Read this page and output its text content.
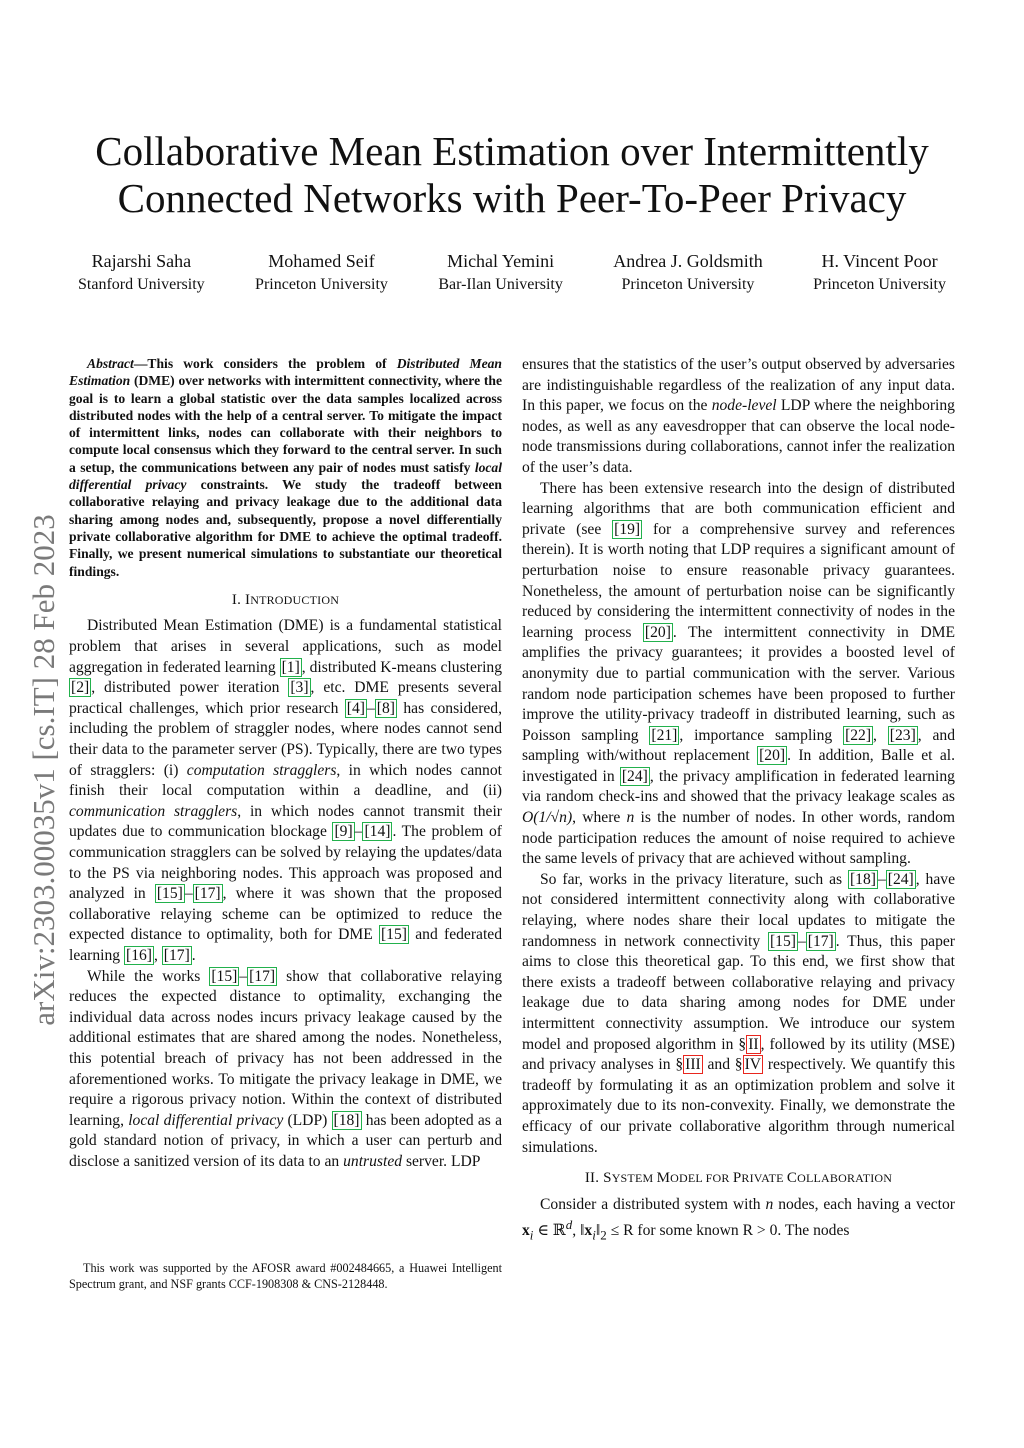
Collaborative Mean Estimation over Intermittently
Connected Networks with Peer-To-Peer Privacy
Rajarshi Saha
Stanford University
Mohamed Seif
Princeton University
Michal Yemini
Bar-Ilan University
Andrea J. Goldsmith
Princeton University
H. Vincent Poor
Princeton University
arXiv:2303.00035v1 [cs.IT] 28 Feb 2023

Abstract—This work considers the problem of Distributed Mean Estimation (DME) over networks with intermittent connectivity, where the goal is to learn a global statistic over the data samples localized across distributed nodes with the help of a central server. To mitigate the impact of intermittent links, nodes can collaborate with their neighbors to compute local consensus which they forward to the central server. In such a setup, the communications between any pair of nodes must satisfy local differential privacy constraints. We study the tradeoff between collaborative relaying and privacy leakage due to the additional data sharing among nodes and, subsequently, propose a novel differentially private collaborative algorithm for DME to achieve the optimal tradeoff. Finally, we present numerical simulations to substantiate our theoretical findings.

I. INTRODUCTION

Distributed Mean Estimation (DME) is a fundamental statistical problem that arises in several applications, such as model aggregation in federated learning [1] , distributed K-means clustering [2] , distributed power iteration [3] , etc. DME presents several practical challenges, which prior research [4] – [8] has considered, including the problem of straggler nodes, where nodes cannot send their data to the parameter server (PS). Typically, there are two types of stragglers: (i) computation stragglers, in which nodes cannot finish their local computation within a deadline, and (ii) communication stragglers, in which nodes cannot transmit their updates due to communication blockage [9] – [14] . The problem of communication stragglers can be solved by relaying the updates/data to the PS via neighboring nodes. This approach was proposed and analyzed in [15] – [17] , where it was shown that the proposed collaborative relaying scheme can be optimized to reduce the expected distance to optimality, both for DME [15] and federated learning [16] , [17] .

While the works [15] – [17] show that collaborative relaying reduces the expected distance to optimality, exchanging the individual data across nodes incurs privacy leakage caused by the additional estimates that are shared among the nodes. Nonetheless, this potential breach of privacy has not been addressed in the aforementioned works. To mitigate the privacy leakage in DME, we require a rigorous privacy notion. Within the context of distributed learning, local differential privacy (LDP) [18] has been adopted as a gold standard notion of privacy, in which a user can perturb and disclose a sanitized version of its data to an untrusted server. LDP

This work was supported by the AFOSR award #002484665, a Huawei Intelligent Spectrum grant, and NSF grants CCF-1908308 & CNS-2128448.

ensures that the statistics of the user’s output observed by adversaries are indistinguishable regardless of the realization of any input data. In this paper, we focus on the node-level LDP where the neighboring nodes, as well as any eavesdropper that can observe the local node-node transmissions during collaborations, cannot infer the realization of the user’s data.

There has been extensive research into the design of distributed learning algorithms that are both communication efficient and private (see [19] for a comprehensive survey and references therein). It is worth noting that LDP requires a significant amount of perturbation noise to ensure reasonable privacy guarantees. Nonetheless, the amount of perturbation noise can be significantly reduced by considering the intermittent connectivity of nodes in the learning process [20] . The intermittent connectivity in DME amplifies the privacy guarantees; it provides a boosted level of anonymity due to partial communication with the server. Various random node participation schemes have been proposed to further improve the utility-privacy tradeoff in distributed learning, such as Poisson sampling [21] , importance sampling [22] , [23] , and sampling with/without replacement [20] . In addition, Balle et al. investigated in [24] , the privacy amplification in federated learning via random check-ins and showed that the privacy leakage scales as O(1/√n), where n is the number of nodes. In other words, random node participation reduces the amount of noise required to achieve the same levels of privacy that are achieved without sampling.

So far, works in the privacy literature, such as [18] – [24] , have not considered intermittent connectivity along with collaborative relaying, where nodes share their local updates to mitigate the randomness in network connectivity [15] – [17] . Thus, this paper aims to close this theoretical gap. To this end, we first show that there exists a tradeoff between collaborative relaying and privacy leakage due to data sharing among nodes for DME under intermittent connectivity assumption. We introduce our system model and proposed algorithm in § II , followed by its utility (MSE) and privacy analyses in § III and § IV respectively. We quantify this tradeoff by formulating it as an optimization problem and solve it approximately due to its non-convexity. Finally, we demonstrate the efficacy of our private collaborative algorithm through numerical simulations.

II. SYSTEM MODEL FOR PRIVATE COLLABORATION

Consider a distributed system with n nodes, each having a vector $x_i$ ∈ ℝ$^d$, $‖x_i‖_2 \le R$ for some known R > 0. The nodes
